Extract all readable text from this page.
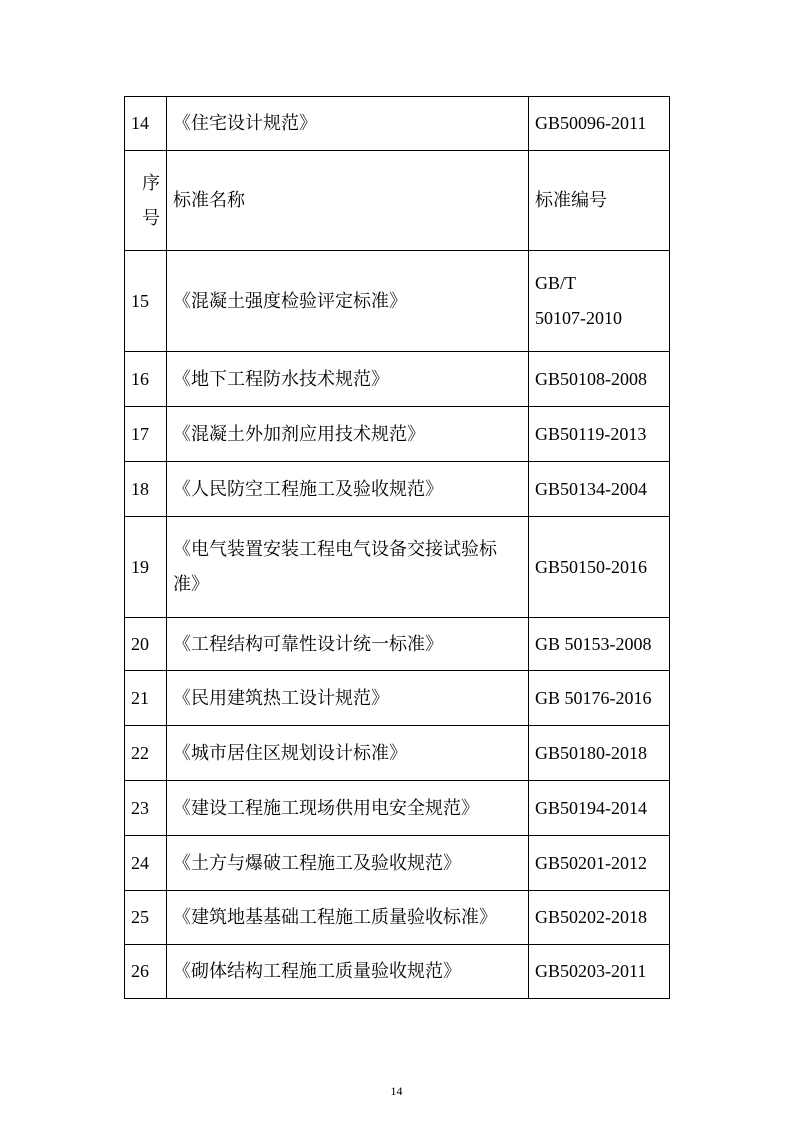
14	《住宅设计规范》	GB50096-2011

序
号	标准名称	标准编号
15	《混凝土强度检验评定标准》	GB/T
50107-2010

16	《地下工程防水技术规范》	GB50108-2008
17	《混凝土外加剂应用技术规范》	GB50119-2013
18	《人民防空工程施工及验收规范》	GB50134-2004
19	《电气装置安装工程电气设备交接试验标
准》	GB50150-2016
20	《工程结构可靠性设计统一标准》	GB 50153-2008
21	《民用建筑热工设计规范》	GB 50176-2016
22	《城市居住区规划设计标准》	GB50180-2018
23	《建设工程施工现场供用电安全规范》	GB50194-2014
24	《土方与爆破工程施工及验收规范》	GB50201-2012
25	《建筑地基基础工程施工质量验收标准》	GB50202-2018
26	《砌体结构工程施工质量验收规范》	GB50203-2011
14
